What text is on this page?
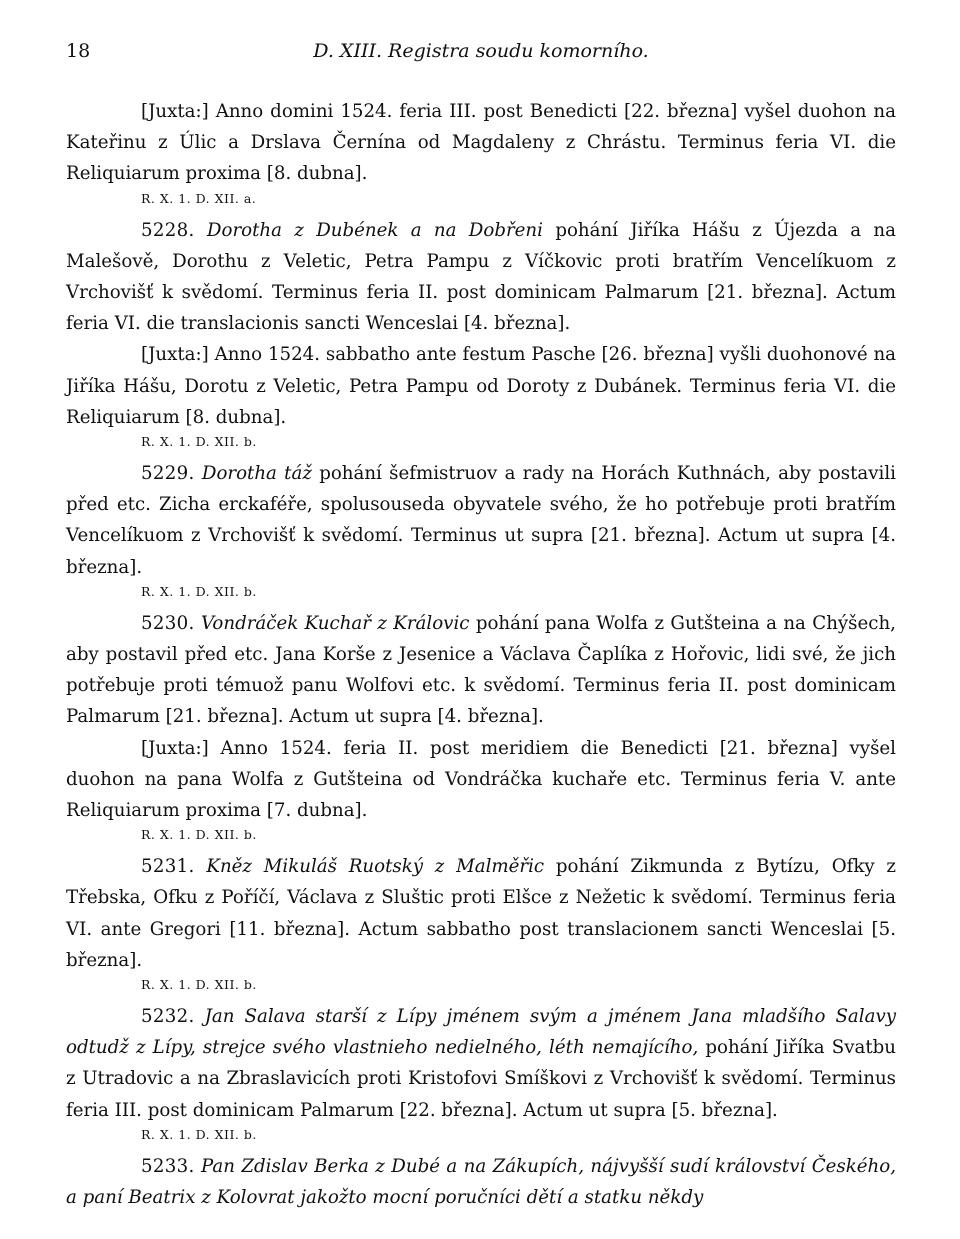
18	D. XIII. Registra soudu komorního.

[Juxta:] Anno domini 1524. feria III. post Benedicti [22. března] vyšel duohon na Kateřinu z Úlic a Drslava Černína od Magdaleny z Chrástu. Terminus feria VI. die Reliquiarum proxima [8. dubna].

R. X. 1. D. XII. a.

5228. Dorotha z Dubének a na Dobřeni pohání Jiříka Hášu z Újezda a na Malešově, Dorothu z Veletic, Petra Pampu z Víčkovic proti bratřím Vencelíkuom z Vrchovišť k svědomí. Terminus feria II. post dominicam Palmarum [21. března]. Actum feria VI. die translacionis sancti Wenceslai [4. března].

[Juxta:] Anno 1524. sabbatho ante festum Pasche [26. března] vyšli duohonové na Jiříka Hášu, Dorotu z Veletic, Petra Pampu od Doroty z Dubánek. Terminus feria VI. die Reliquiarum [8. dubna].

R. X. 1. D. XII. b.

5229. Dorotha táž pohání šefmistruov a rady na Horách Kuthnách, aby postavili před etc. Zicha erckaféře, spolusouseda obyvatele svého, že ho potřebuje proti bratřím Vencelíkuom z Vrchovišť k svědomí. Terminus ut supra [21. března]. Actum ut supra [4. března].

R. X. 1. D. XII. b.

5230. Vondráček Kuchař z Královic pohání pana Wolfa z Gutšteina a na Chýšech, aby postavil před etc. Jana Korše z Jesenice a Václava Čaplíka z Hořovic, lidi své, že jich potřebuje proti témuož panu Wolfovi etc. k svědomí. Terminus feria II. post dominicam Palmarum [21. března]. Actum ut supra [4. března].

[Juxta:] Anno 1524. feria II. post meridiem die Benedicti [21. března] vyšel duohon na pana Wolfa z Gutšteina od Vondráčka kuchaře etc. Terminus feria V. ante Reliquiarum proxima [7. dubna].

R. X. 1. D. XII. b.

5231. Kněz Mikuláš Ruotský z Malměřic pohání Zikmunda z Bytízu, Ofky z Třebska, Ofku z Poříčí, Václava z Sluštic proti Elšce z Nežetic k svědomí. Terminus feria VI. ante Gregori [11. března]. Actum sabbatho post translacionem sancti Wenceslai [5. března].

R. X. 1. D. XII. b.

5232. Jan Salava starší z Lípy jménem svým a jménem Jana mladšího Salavy odtudž z Lípy, strejce svého vlastnieho nedielného, léth nemajícího, pohání Jiříka Svatbu z Utradovic a na Zbraslavicích proti Kristofovi Smíškovi z Vrchovišť k svědomí. Terminus feria III. post dominicam Palmarum [22. března]. Actum ut supra [5. března].

R. X. 1. D. XII. b.

5233. Pan Zdislav Berka z Dubé a na Zákupích, nájvyšší sudí království Českého, a paní Beatrix z Kolovrat jakožto mocní poručníci dětí a statku někdy
